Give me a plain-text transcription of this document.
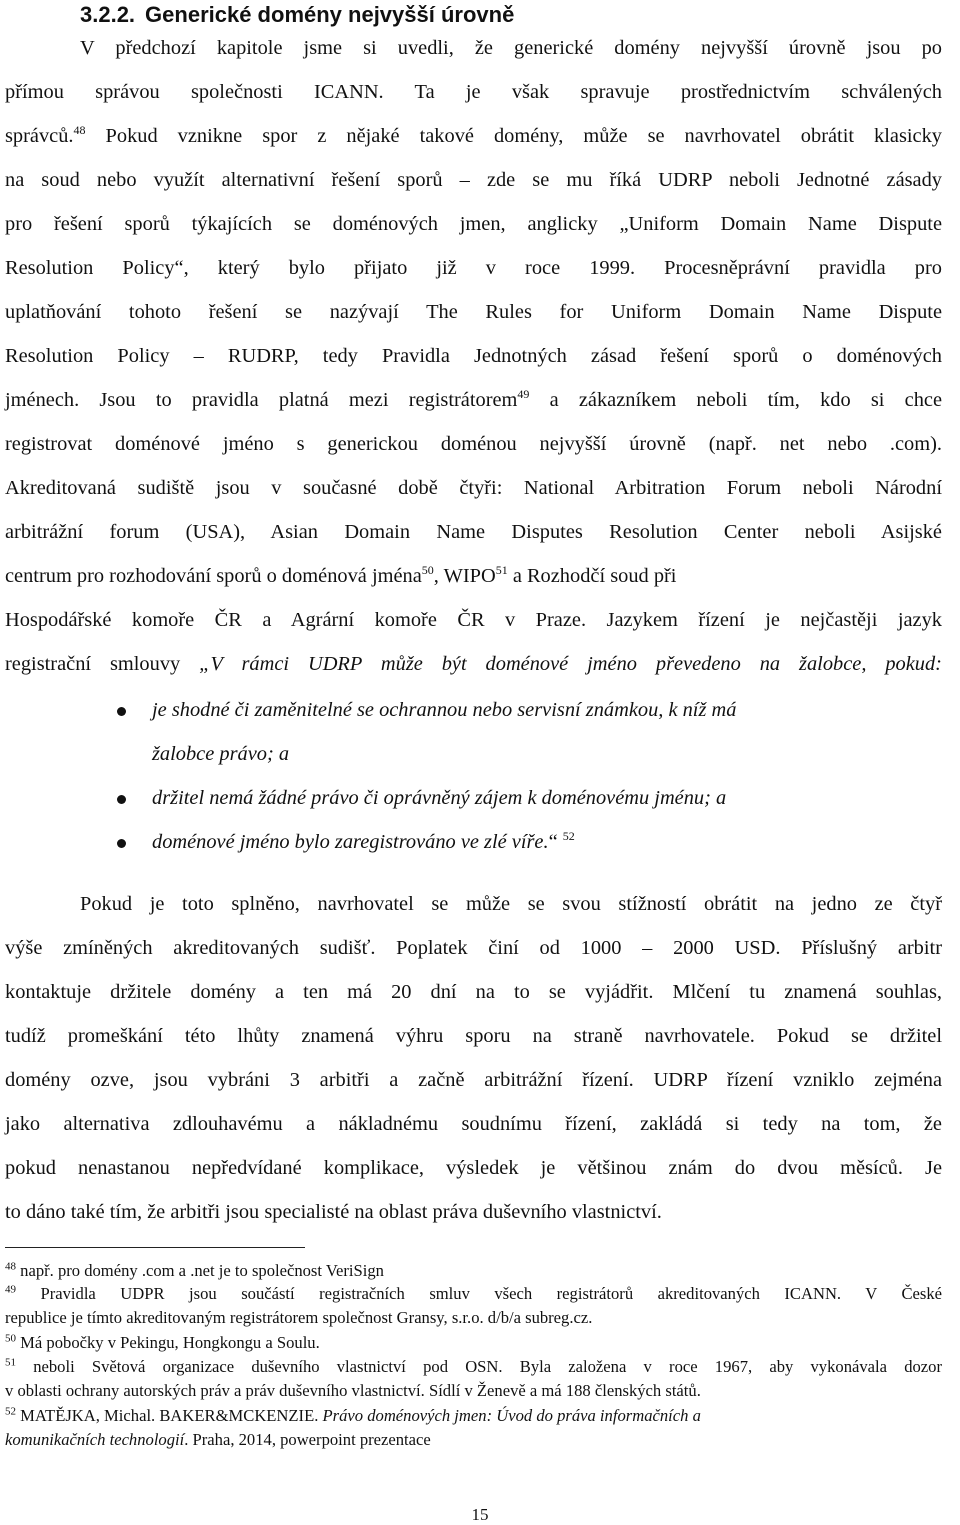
3.2.2. Generické domény nejvyšší úrovně

V předchozí kapitole jsme si uvedli, že generické domény nejvyšší úrovně jsou po

přímou správou společnosti ICANN. Ta je však spravuje prostřednictvím schválených

správců.$^{48}$ Pokud vznikne spor z nějaké takové domény, může se navrhovatel obrátit klasicky

na soud nebo využít alternativní řešení sporů – zde se mu říká UDRP neboli Jednotné zásady

pro řešení sporů týkajících se doménových jmen, anglicky „Uniform Domain Name Dispute

Resolution Policy“, který bylo přijato již v roce 1999. Procesněprávní pravidla pro

uplatňování tohoto řešení se nazývají The Rules for Uniform Domain Name Dispute

Resolution Policy – RUDRP, tedy Pravidla Jednotných zásad řešení sporů o doménových

jménech. Jsou to pravidla platná mezi registrátorem$^{49}$ a zákazníkem neboli tím, kdo si chce

registrovat doménové jméno s generickou doménou nejvyšší úrovně (např. net nebo .com).

Akreditovaná sudiště jsou v současné době čtyři: National Arbitration Forum neboli Národní

arbitrážní forum (USA), Asian Domain Name Disputes Resolution Center neboli Asijské

centrum pro rozhodování sporů o doménová jména$^{50}$, WIPO$^{51}$ a Rozhodčí soud při

Hospodářské komoře ČR a Agrární komoře ČR v Praze. Jazykem řízení je nejčastěji jazyk

registrační smlouvy „V rámci UDRP může být doménové jméno převedeno na žalobce, pokud:

je shodné či zaměnitelné se ochrannou nebo servisní známkou, k níž má
žalobce právo; a
držitel nemá žádné právo či oprávněný zájem k doménovému jménu; a
doménové jméno bylo zaregistrováno ve zlé víře.“ $^{52}$

Pokud je toto splněno, navrhovatel se může se svou stížností obrátit na jedno ze čtyř

výše zmíněných akreditovaných sudišť. Poplatek činí od 1000 – 2000 USD. Příslušný arbitr

kontaktuje držitele domény a ten má 20 dní na to se vyjádřit. Mlčení tu znamená souhlas,

tudíž promeškání této lhůty znamená výhru sporu na straně navrhovatele. Pokud se držitel

domény ozve, jsou vybráni 3 arbitři a začně arbitrážní řízení. UDRP řízení vzniklo zejména

jako alternativa zdlouhavému a nákladnému soudnímu řízení, zakládá si tedy na tom, že

pokud nenastanou nepředvídané komplikace, výsledek je většinou znám do dvou měsíců. Je

to dáno také tím, že arbitři jsou specialisté na oblast práva duševního vlastnictví.

$^{48}$ např. pro domény .com a .net je to společnost VeriSign

$^{49}$ Pravidla UDPR jsou součástí registračních smluv všech registrátorů akreditovaných ICANN. V České

republice je tímto akreditovaným registrátorem společnost Gransy, s.r.o. d/b/a subreg.cz.

$^{50}$ Má pobočky v Pekingu, Hongkongu a Soulu.

$^{51}$ neboli Světová organizace duševního vlastnictví pod OSN. Byla založena v roce 1967, aby vykonávala dozor

v oblasti ochrany autorských práv a práv duševního vlastnictví. Sídlí v Ženevě a má 188 členských států.

$^{52}$ MATĚJKA, Michal. BAKER&MCKENZIE. Právo doménových jmen: Úvod do práva informačních a

komunikačních technologií. Praha, 2014, powerpoint prezentace

15
